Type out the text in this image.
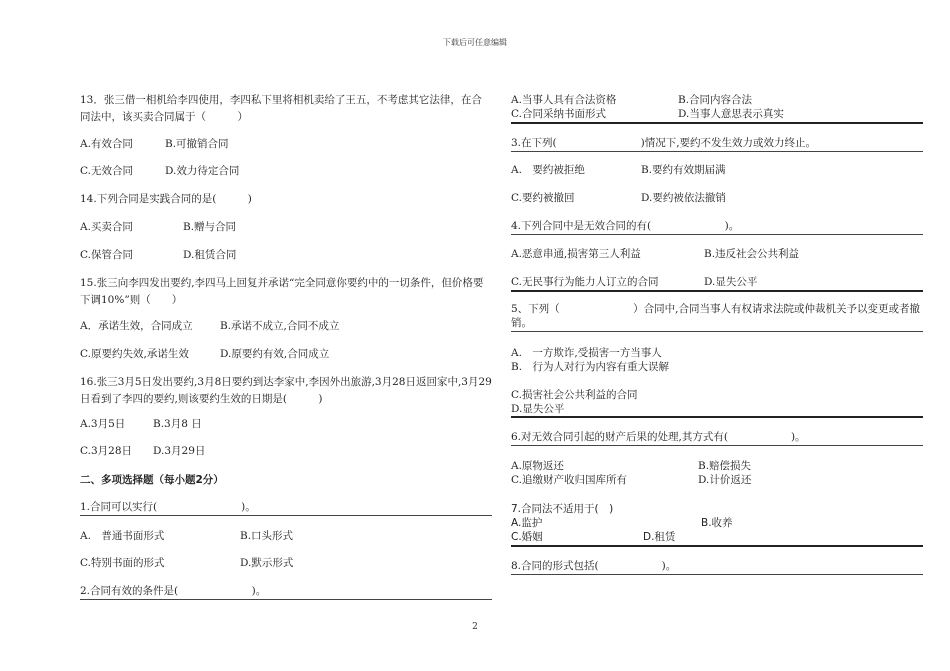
下载后可任意编辑
13．张三借一相机给李四使用，李四私下里将相机卖给了王五，不考虑其它法律，在合同法中，该买卖合同属于（　　　）
A.有效合同	B.可撤销合同
C.无效合同	D.效力待定合同
14.下列合同是实践合同的是(　　　)
A.买卖合同	B.赠与合同
C.保管合同	D.租赁合同
15.张三向李四发出要约,李四马上回复并承诺“完全同意你要约中的一切条件，但价格要下调10%”则（　　）
A．承诺生效，合同成立	B.承诺不成立,合同不成立
C.原要约失效,承诺生效	D.原要约有效,合同成立
16.张三3月5日发出要约,3月8日要约到达李家中,李因外出旅游,3月28日返回家中,3月29日看到了李四的要约,则该要约生效的日期是(　　　)
A.3月5日	B.3月8 日
C.3月28日 D.3月29日
二、多项选择题（每小题2分）
1.合同可以实行(　　　　　　　　)。
A.　普通书面形式	B.口头形式
C.特别书面的形式	D.默示形式
2.合同有效的条件是(　　　　　　　)。
A.当事人具有合法资格	B.合同内容合法
C.合同采纳书面形式	D.当事人意思表示真实
3.在下列(　　　　　　　　)情况下,要约不发生效力或效力终止。
A.　要约被拒绝	B.要约有效期届满
C.要约被撤回	D.要约被依法撤销
4.下列合同中是无效合同的有(　　　　　　　)。
A.恶意串通,损害第三人利益	B.违反社会公共利益
C.无民事行为能力人订立的合同	D.显失公平
5、下列（　　　　　　　）合同中,合同当事人有权请求法院或仲裁机关予以变更或者撤销。
A.　一方欺诈,受损害一方当事人
B.　行为人对行为内容有重大误解
C.损害社会公共利益的合同
D.显失公平
6.对无效合同引起的财产后果的处理,其方式有(　　　　　　)。
A.原物返还	B.赔偿损失
C.追缴财产收归国库所有	D.计价返还
7.合同法不适用于(　)
A.监护	B.收养
C.婚姻	D.租赁
8.合同的形式包括(　　　　　　)。
2
